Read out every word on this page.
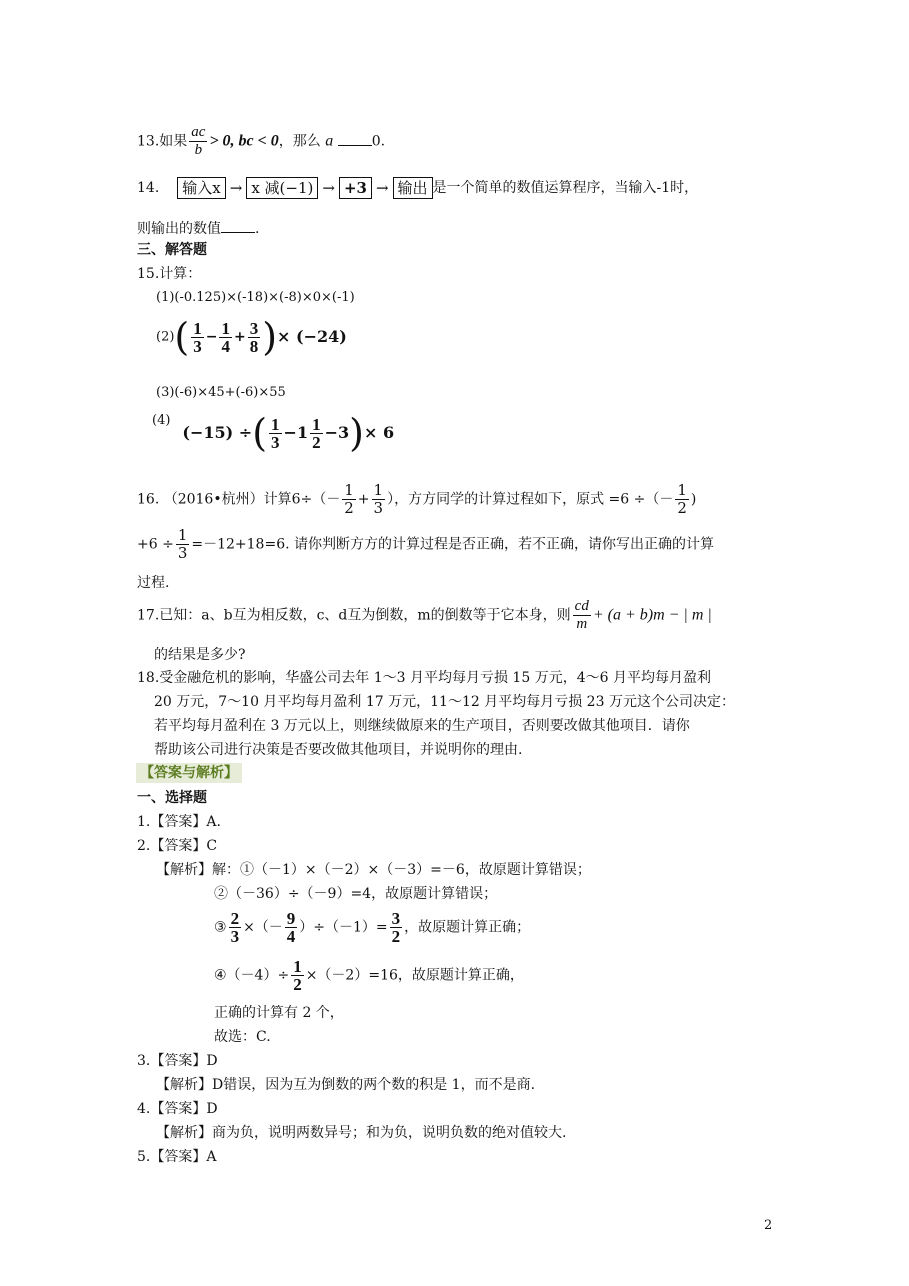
13.如果 $\frac{ac}{b} > 0$, bc < 0，那么 a	0.
14. 输入x → x 减(−1) → +3 → 输出 是一个简单的数值运算程序，当输入-1时，
则输出的数值 .
三、解答题
15.计算：
(1)(-0.125)×(-18)×(-8)×0×(-1)
$(2)( \frac{1}{3} - \frac{1}{4} + \frac{3}{8}$ )× (−24)
(3)(-6)×45+(-6)×55
(4)(−15) ÷( $\frac{1}{3} -1 \frac{1}{2} -3)\times 6$
16. （2016•杭州）计算$6\div(- \frac{1}{2} + \frac{1}{3}$ ），方方同学的计算过程如下，原式 =6 ÷（－ $\frac{1}{2}$ )
$+6 \div \frac{1}{3} =-12+18=6$. 请你判断方方的计算过程是否正确，若不正确，请你写出正确的计算
过程.
17.已知：a、b互为相反数，c、d互为倒数，m的倒数等于它本身，则 $\frac{cd}{m} + (a + b)m$ − | m |
的结果是多少?
18.受金融危机的影响，华盛公司去年 1～3 月平均每月亏损 15 万元，4～6 月平均每月盈利
20 万元，7～10 月平均每月盈利 17 万元，11～12 月平均每月亏损 23 万元这个公司决定：
若平均每月盈利在 3 万元以上，则继续做原来的生产项目，否则要改做其他项目．请你
帮助该公司进行决策是否要改做其他项目，并说明你的理由.
【答案与解析】
一、选择题
1.【答案】A.
2.【答案】C
【解析】解：①（－1）×（－2）×（－3）=－6，故原题计算错误；
②（－36）÷（－9）=4，故原题计算错误；
③ $\frac{2}{3}$ ×（－ $\frac{9}{4} )\div(-1)= \frac{3}{2}$ ，故原题计算正确；
④（－4）÷ $\frac{1}{2} \times(-2)=16$，故原题计算正确，
正确的计算有 2 个，
故选：C.
3.【答案】D
【解析】D错误，因为互为倒数的两个数的积是 1，而不是商.
4.【答案】D
【解析】商为负，说明两数异号；和为负，说明负数的绝对值较大.
5.【答案】A
2
